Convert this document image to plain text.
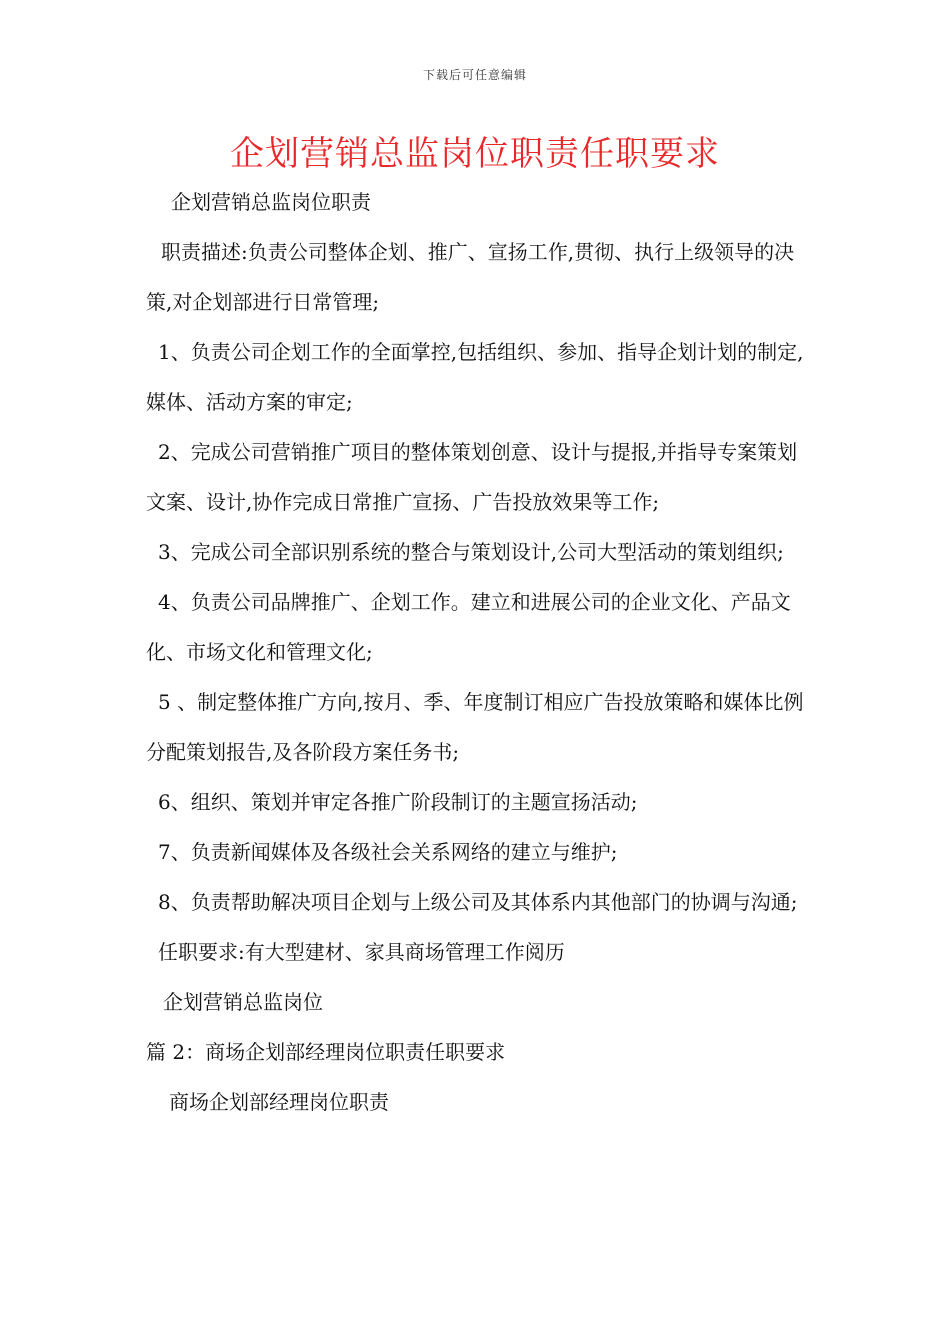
下载后可任意编辑
企划营销总监岗位职责任职要求

企划营销总监岗位职责

职责描述:负责公司整体企划、推广、宣扬工作,贯彻、执行上级领导的决策,对企划部进行日常管理;

1、负责公司企划工作的全面掌控,包括组织、参加、指导企划计划的制定,媒体、活动方案的审定;

2、完成公司营销推广项目的整体策划创意、设计与提报,并指导专案策划文案、设计,协作完成日常推广宣扬、广告投放效果等工作;

3、完成公司全部识别系统的整合与策划设计,公司大型活动的策划组织;

4、负责公司品牌推广、企划工作。建立和进展公司的企业文化、产品文化、市场文化和管理文化;

5 、制定整体推广方向,按月、季、年度制订相应广告投放策略和媒体比例分配策划报告,及各阶段方案任务书;

6、组织、策划并审定各推广阶段制订的主题宣扬活动;

7、负责新闻媒体及各级社会关系网络的建立与维护;

8、负责帮助解决项目企划与上级公司及其体系内其他部门的协调与沟通;

任职要求:有大型建材、家具商场管理工作阅历

企划营销总监岗位

篇 2：商场企划部经理岗位职责任职要求

商场企划部经理岗位职责
